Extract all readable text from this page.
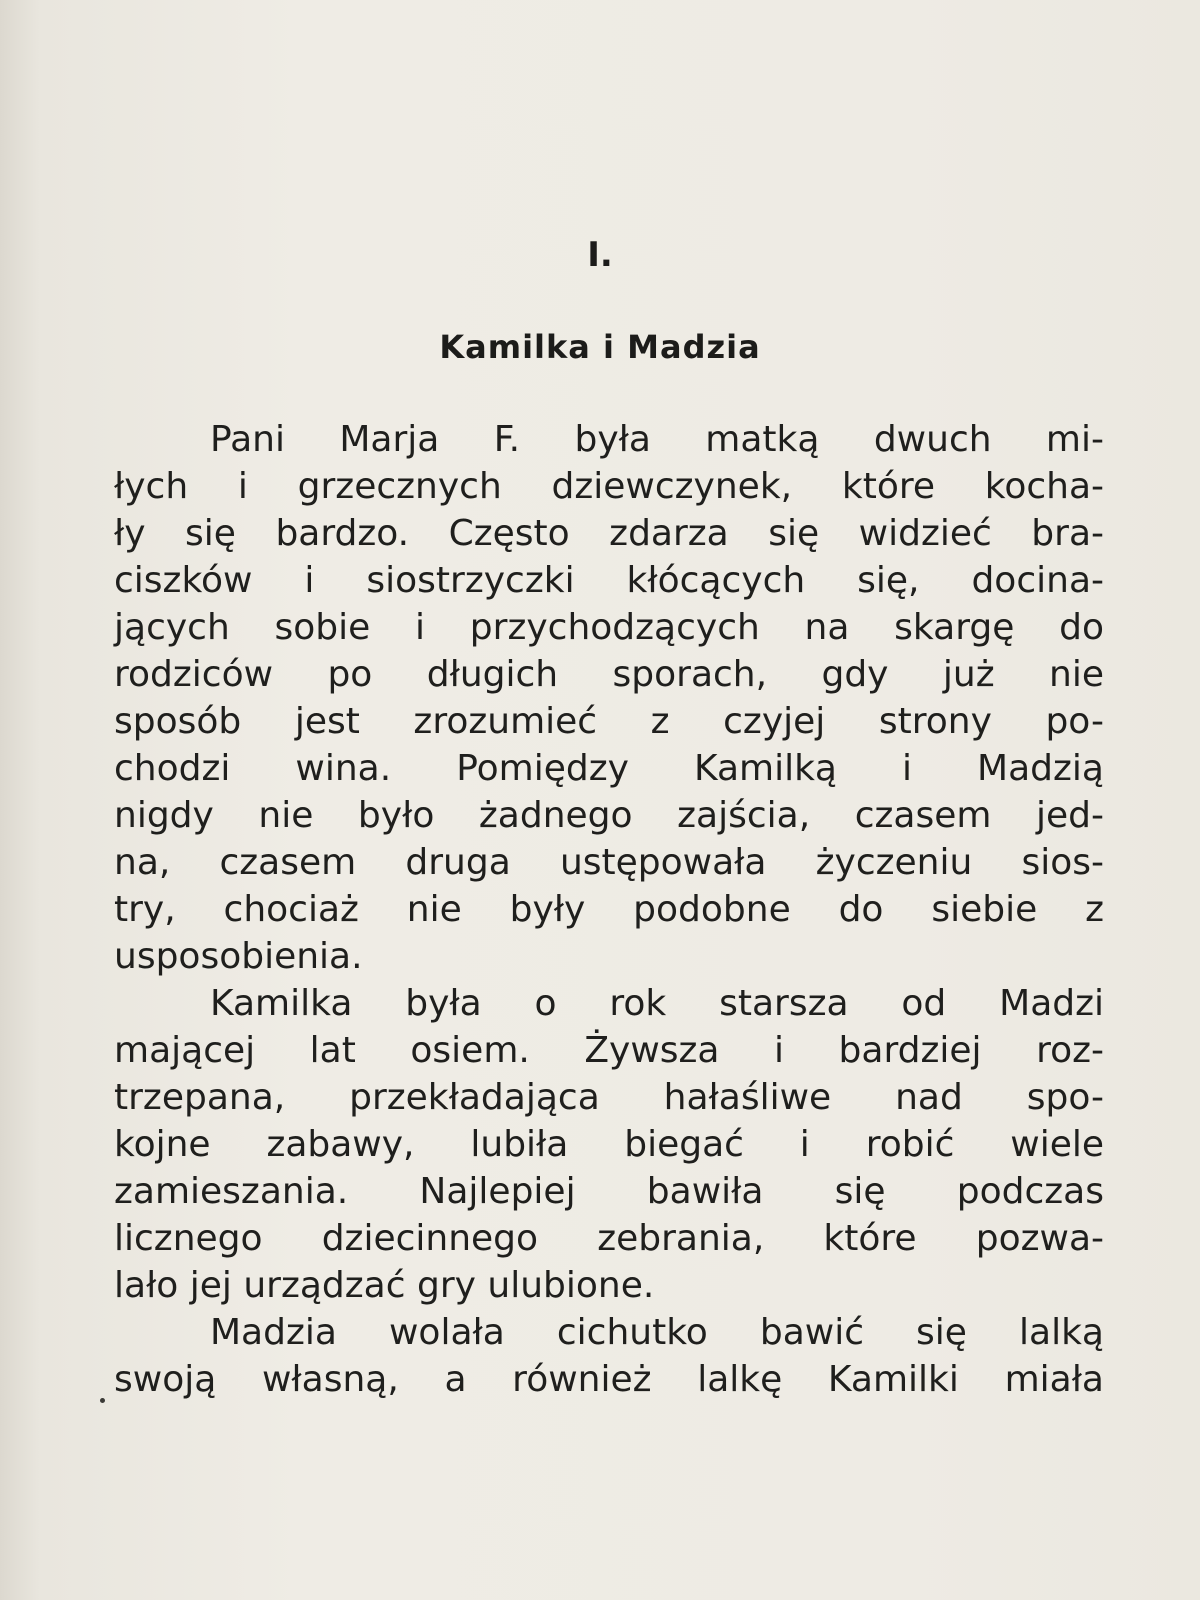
I.
Kamilka i Madzia
Pani Marja F. była matką dwuch mi-
łych i grzecznych dziewczynek, które kocha-
ły się bardzo. Często zdarza się widzieć bra-
ciszków i siostrzyczki kłócących się, docina-
jących sobie i przychodzących na skargę do
rodziców po długich sporach, gdy już nie
sposób jest zrozumieć z czyjej strony po-
chodzi wina. Pomiędzy Kamilką i Madzią
nigdy nie było żadnego zajścia, czasem jed-
na, czasem druga ustępowała życzeniu sios-
try, chociaż nie były podobne do siebie z
usposobienia.
Kamilka była o rok starsza od Madzi
mającej lat osiem. Żywsza i bardziej roz-
trzepana, przekładająca hałaśliwe nad spo-
kojne zabawy, lubiła biegać i robić wiele
zamieszania. Najlepiej bawiła się podczas
licznego dziecinnego zebrania, które pozwa-
lało jej urządzać gry ulubione.
Madzia wolała cichutko bawić się lalką
swoją własną, a również lalkę Kamilki miała
